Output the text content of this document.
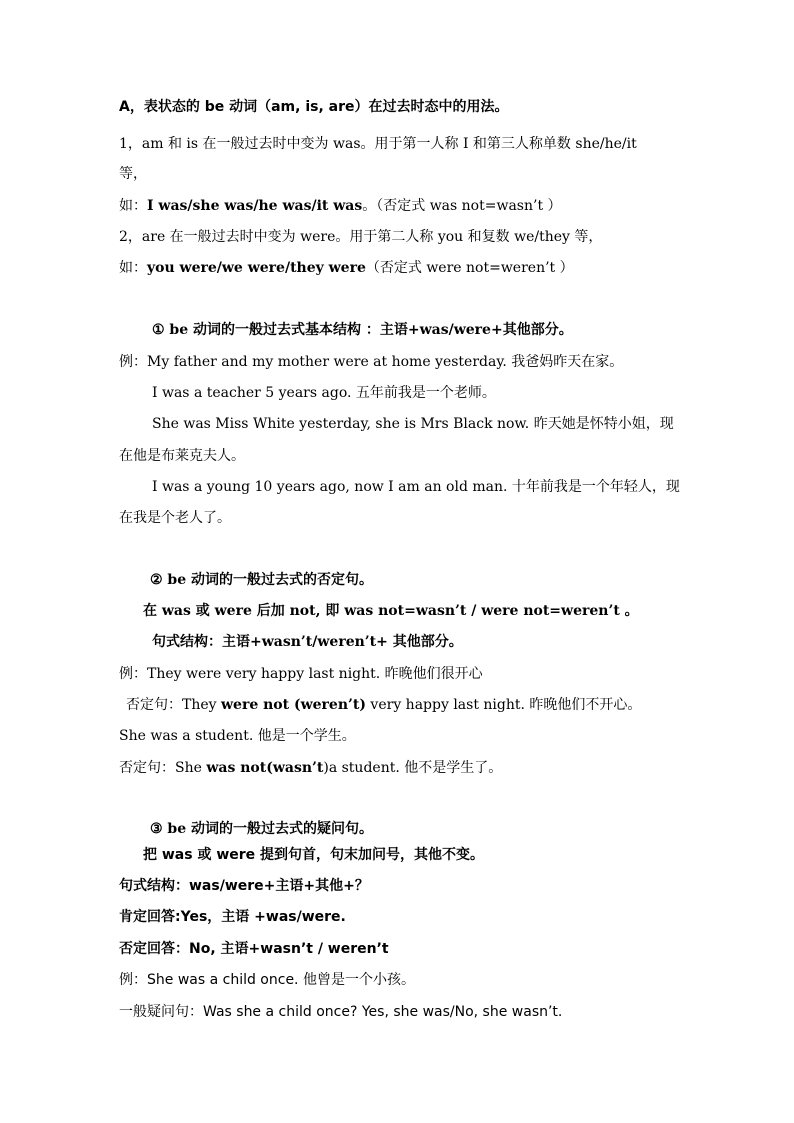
A，表状态的 be 动词（am, is, are）在过去时态中的用法。
1，am 和 is 在一般过去时中变为 was。用于第一人称 I 和第三人称单数 she/he/it
等，
如：I was/she was/he was/it was。（否定式 was not=wasn’t ）
2，are 在一般过去时中变为 were。用于第二人称 you 和复数 we/they 等，
如：you were/we were/they were（否定式 were not=weren’t ）
① be 动词的一般过去式基本结构 ：主语+was/were+其他部分。
例：My father and my mother were at home yesterday. 我爸妈昨天在家。
I was a teacher 5 years ago. 五年前我是一个老师。
She was Miss White yesterday, she is Mrs Black now. 昨天她是怀特小姐，现
在他是布莱克夫人。
I was a young 10 years ago, now I am an old man. 十年前我是一个年轻人，现
在我是个老人了。
② be 动词的一般过去式的否定句。
在 was 或 were 后加 not, 即 was not=wasn’t / were not=weren’t 。
句式结构：主语+wasn’t/weren’t+ 其他部分。
例：They were very happy last night. 昨晚他们很开心
否定句：They were not (weren’t) very happy last night. 昨晚他们不开心。
She was a student. 他是一个学生。
否定句：She was not(wasn’t)a student. 他不是学生了。
③ be 动词的一般过去式的疑问句。
把 was 或 were 提到句首，句末加问号，其他不变。
句式结构：was/were+主语+其他+？
肯定回答:Yes，主语 +was/were.
否定回答：No, 主语+wasn’t / weren’t
例：She was a child once. 他曾是一个小孩。
一般疑问句：Was she a child once? Yes, she was/No, she wasn’t.
